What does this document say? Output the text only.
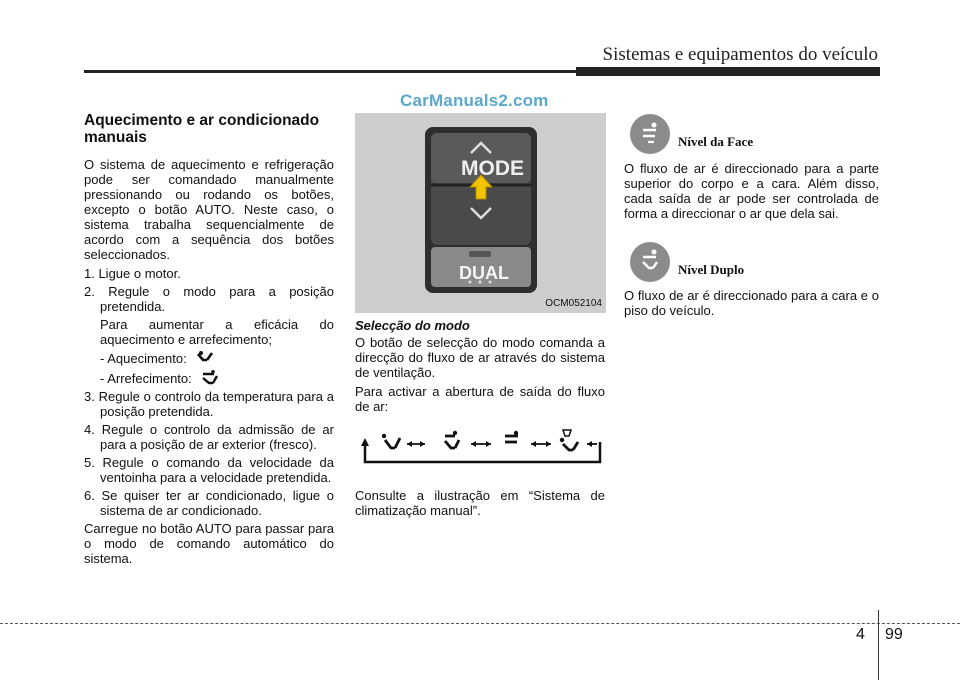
Sistemas e equipamentos do veículo
CarManuals2.com
Aquecimento e ar condicionado manuais
O sistema de aquecimento e refrigeração pode ser comandado manualmente pressionando ou rodando os botões, excepto o botão AUTO. Neste caso, o sistema trabalha sequencialmente de acordo com a sequência dos botões seleccionados.
1. Ligue o motor.
2. Regule o modo para a posição pretendida.
Para aumentar a eficácia do aquecimento e arrefecimento;
- Aquecimento:
- Arrefecimento:
3. Regule o controlo da temperatura para a posição pretendida.
4. Regule o controlo da admissão de ar para a posição de ar exterior (fresco).
5. Regule o comando da velocidade da ventoinha para a velocidade pretendida.
6. Se quiser ter ar condicionado, ligue o sistema de ar condicionado.
Carregue no botão AUTO para passar para o modo de comando automático do sistema.
MODE
DUAL
OCM052104
Selecção do modo
O botão de selecção do modo comanda a direcção do fluxo de ar através do sistema de ventilação.
Para activar a abertura de saída do fluxo de ar:
Consulte a ilustração em “Sistema de climatização manual”.
Nível da Face
O fluxo de ar é direccionado para a parte superior do corpo e a cara. Além disso, cada saída de ar pode ser controlada de forma a direccionar o ar que dela sai.
Nível Duplo
O fluxo de ar é direccionado para a cara e o piso do veículo.
4 99
